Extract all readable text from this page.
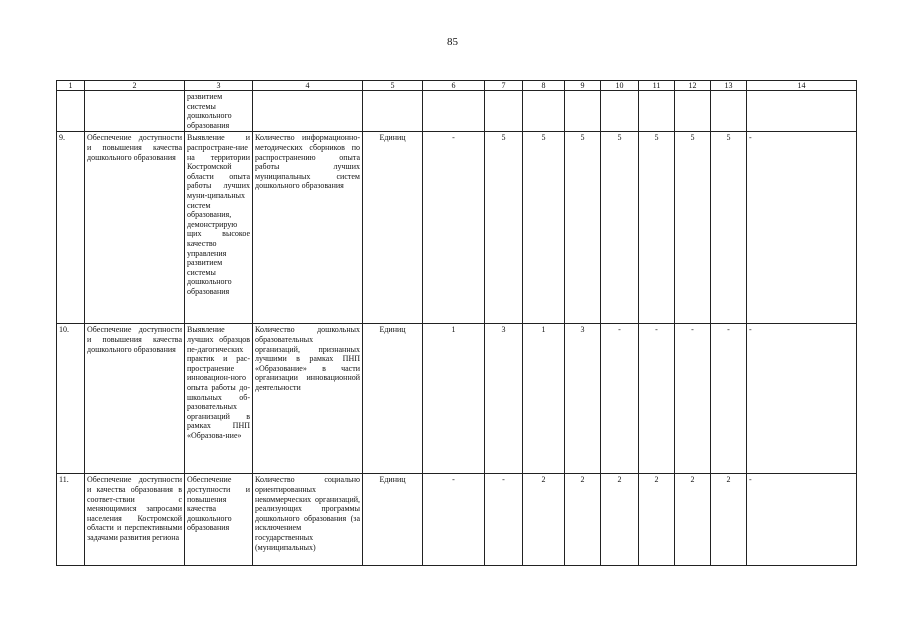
85
1	2	3	4	5	6	7	8	9	10	11	12	13	14
		развитием системы дошкольного образования											
9.	Обеспечение доступности и повышения качества дошкольного образования	Выявление и распростране-ние на территории Костромской области опыта работы лучших муни-ципальных систем образования, демонстрирую щих высокое качество управления развитием системы дошкольного образования	Количество информационно-методических сборников по распространению опыта работы лучших муниципальных систем дошкольного образования	Единиц	-	5	5	5	5	5	5	5	-
10.	Обеспечение доступности и повышения качества дошкольного образования	Выявление лучших образцов пе-дагогических практик и рас-пространение инновацион-ного опыта работы до-школьных об-разовательных организаций в рамках ПНП «Образова-ние»	Количество дошкольных образовательных организаций, признанных лучшими в рамках ПНП «Образование» в части организации инновационной деятельности	Единиц	1	3	1	3	-	-	-	-	-
11.	Обеспечение доступности и качества образования в соответ-ствии с меняющимися запросами населения Костромской области и перспективными задачами развития региона	Обеспечение доступности и повышения качества дошкольного образования	Количество социально ориентированных некоммерческих организаций, реализующих программы дошкольного образования (за исключением государственных (муниципальных)	Единиц	-	-	2	2	2	2	2	2	-
